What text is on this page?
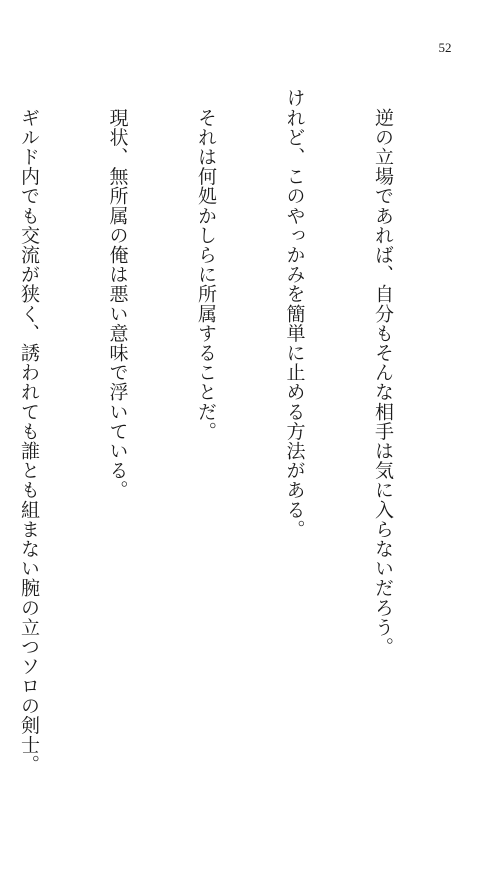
52

　逆の立場であれば、自分もそんな相手は気に入らないだろう。

けれど、このやっかみを簡単に止める方法がある。

　それは何処かしらに所属することだ。

　現状、無所属の俺は悪い意味で浮いている。

　ギルド内でも交流が狭く、誘われても誰とも組まない腕の立つソロの剣士。
